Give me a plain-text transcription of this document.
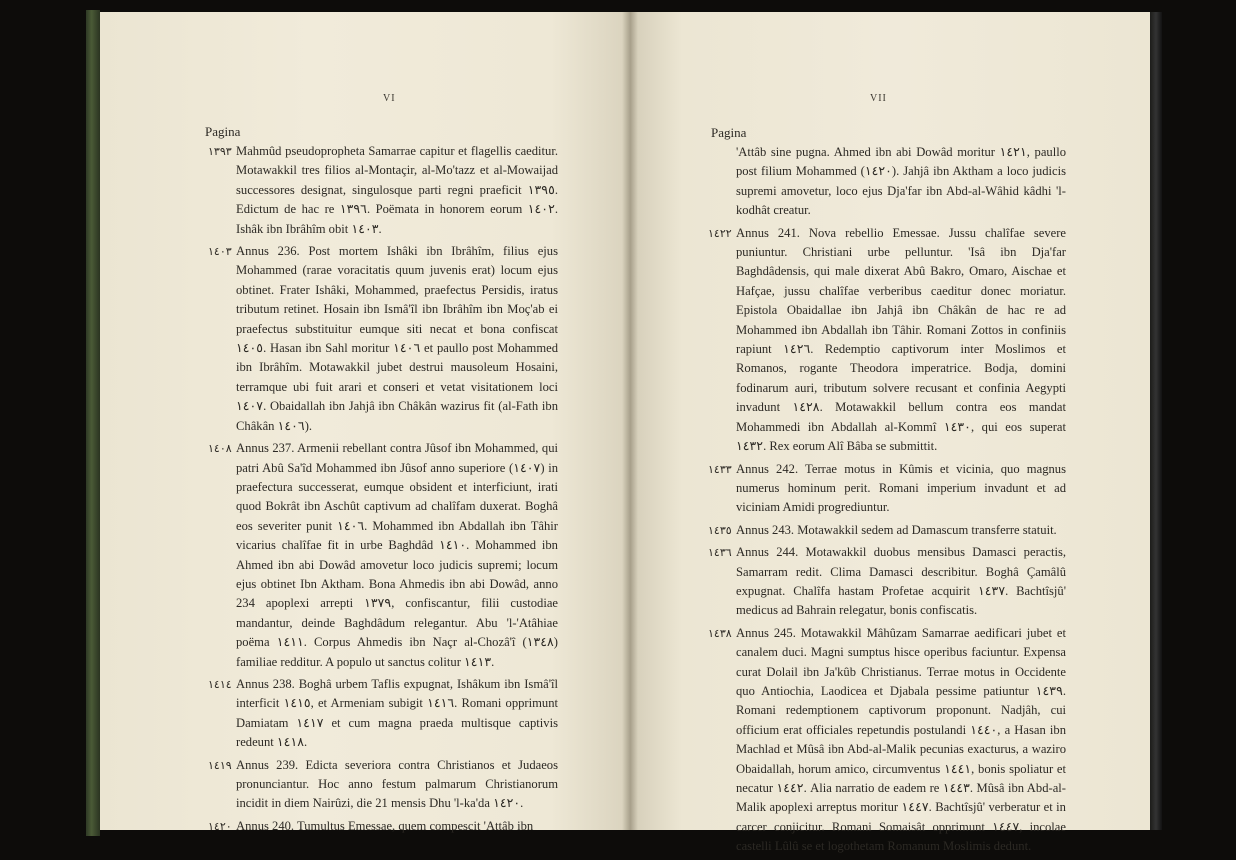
VI
Pagina
١٣٩٣ Mahmûd pseudopropheta Samarrae capitur et flagellis caeditur. Motawakkil tres filios al-Montaçir, al-Mo'tazz et al-Mowaijad successores designat, singulosque parti regni praeficit ١٣٩٥. Edictum de hac re ١٣٩٦. Poëmata in honorem eorum ١٤٠٢. Ishâk ibn Ibrâhîm obit ١٤٠٣.
١٤٠٣ Annus 236. Post mortem Ishâki ibn Ibrâhîm, filius ejus Mohammed (rarae voracitatis quum juvenis erat) locum ejus obtinet. Frater Ishâki, Mohammed, praefectus Persidis, iratus tributum retinet. Hosain ibn Ismâ'îl ibn Ibrâhîm ibn Moç'ab ei praefectus substituitur eumque siti necat et bona confiscat ١٤٠٥. Hasan ibn Sahl moritur ١٤٠٦ et paullo post Mohammed ibn Ibrâhîm. Motawakkil jubet destrui mausoleum Hosaini, terramque ubi fuit arari et conseri et vetat visitationem loci ١٤٠٧. Obaidallah ibn Jahjâ ibn Châkân wazirus fit (al-Fath ibn Châkân ١٤٠٦).
١٤٠٨ Annus 237. Armenii rebellant contra Jûsof ibn Mohammed, qui patri Abû Sa'îd Mohammed ibn Jûsof anno superiore (١٤٠٧) in praefectura successerat, eumque obsident et interficiunt, irati quod Bokrât ibn Aschût captivum ad chalîfam duxerat. Boghâ eos severiter punit ١٤٠٦. Mohammed ibn Abdallah ibn Tâhir vicarius chalîfae fit in urbe Baghdâd ١٤١٠. Mohammed ibn Ahmed ibn abi Dowâd amovetur loco judicis supremi; locum ejus obtinet Ibn Aktham. Bona Ahmedis ibn abi Dowâd, anno 234 apoplexi arrepti ١٣٧٩, confiscantur, filii custodiae mandantur, deinde Baghdâdum relegantur. Abu 'l-'Atâhiae poëma ١٤١١. Corpus Ahmedis ibn Naçr al-Chozâ'î (١٣٤٨) familiae redditur. A populo ut sanctus colitur ١٤١٣.
١٤١٤ Annus 238. Boghâ urbem Taflis expugnat, Ishâkum ibn Ismâ'îl interficit ١٤١٥, et Armeniam subigit ١٤١٦. Romani opprimunt Damiatam ١٤١٧ et cum magna praeda multisque captivis redeunt ١٤١٨.
١٤١٩ Annus 239. Edicta severiora contra Christianos et Judaeos pronunciantur. Hoc anno festum palmarum Christianorum incidit in diem Nairûzi, die 21 mensis Dhu 'l-ka'da ١٤٢٠.
١٤٢٠ Annus 240. Tumultus Emessae, quem compescit 'Attâb ibn
VII
Pagina
'Attâb sine pugna. Ahmed ibn abi Dowâd moritur ١٤٢١, paullo post filium Mohammed (١٤٢٠). Jahjâ ibn Aktham a loco judicis supremi amovetur, loco ejus Dja'far ibn Abd-al-Wâhid kâdhi 'l-kodhât creatur.
١٤٢٢ Annus 241. Nova rebellio Emessae. Jussu chalîfae severe puniuntur. Christiani urbe pelluntur. 'Isâ ibn Dja'far Baghdâdensis, qui male dixerat Abû Bakro, Omaro, Aischae et Hafçae, jussu chalîfae verberibus caeditur donec moriatur. Epistola Obaidallae ibn Jahjâ ibn Châkân de hac re ad Mohammed ibn Abdallah ibn Tâhir. Romani Zottos in confiniis rapiunt ١٤٢٦. Redemptio captivorum inter Moslimos et Romanos, rogante Theodora imperatrice. Bodja, domini fodinarum auri, tributum solvere recusant et confinia Aegypti invadunt ١٤٢٨. Motawakkil bellum contra eos mandat Mohammedi ibn Abdallah al-Kommî ١٤٣٠, qui eos superat ١٤٣٢. Rex eorum Alî Bâba se submittit.
١٤٣٣ Annus 242. Terrae motus in Kûmis et vicinia, quo magnus numerus hominum perit. Romani imperium invadunt et ad viciniam Amidi progrediuntur.
١٤٣٥ Annus 243. Motawakkil sedem ad Damascum transferre statuit.
١٤٣٦ Annus 244. Motawakkil duobus mensibus Damasci peractis, Samarram redit. Clima Damasci describitur. Boghâ Çamâlû expugnat. Chalîfa hastam Profetae acquirit ١٤٣٧. Bachtîsjû' medicus ad Bahrain relegatur, bonis confiscatis.
١٤٣٨ Annus 245. Motawakkil Mâhûzam Samarrae aedificari jubet et canalem duci. Magni sumptus hisce operibus faciuntur. Expensa curat Dolail ibn Ja'kûb Christianus. Terrae motus in Occidente quo Antiochia, Laodicea et Djabala pessime patiuntur ١٤٣٩. Romani redemptionem captivorum proponunt. Nadjâh, cui officium erat officiales repetundis postulandi ١٤٤٠, a Hasan ibn Machlad et Mûsâ ibn Abd-al-Malik pecunias exacturus, a waziro Obaidallah, horum amico, circumventus ١٤٤١, bonis spoliatur et necatur ١٤٤٢. Alia narratio de eadem re ١٤٤٣. Mûsâ ibn Abd-al-Malik apoplexi arreptus moritur ١٤٤٧. Bachtîsjû' verberatur et in carcer conjicitur. Romani Somaisât opprimunt ١٤٤٧, incolae castelli Lûlû se et logothetam Romanum Moslimis dedunt.
